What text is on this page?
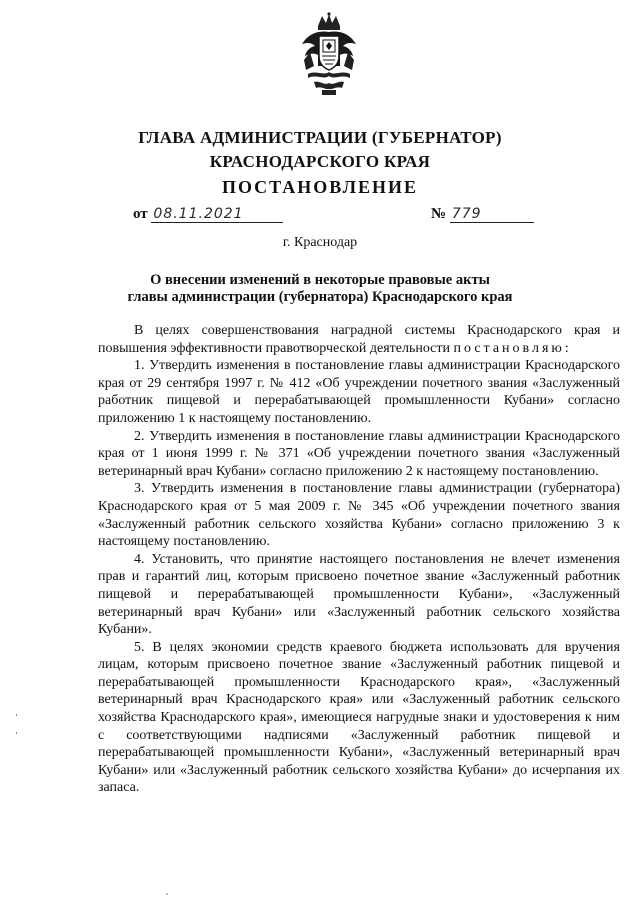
ГЛАВА АДМИНИСТРАЦИИ (ГУБЕРНАТОР)
КРАСНОДАРСКОГО КРАЯ
ПОСТАНОВЛЕНИЕ
от 08.11.2021	№ 779
г. Краснодар
О внесении изменений в некоторые правовые акты
главы администрации (губернатора) Краснодарского края

В целях совершенствования наградной системы Краснодарского края и повышения эффективности правотворческой деятельности постановляю:

1. Утвердить изменения в постановление главы администрации Краснодарского края от 29 сентября 1997 г. № 412 «Об учреждении почетного звания «Заслуженный работник пищевой и перерабатывающей промышленности Кубани» согласно приложению 1 к настоящему постановлению.

2. Утвердить изменения в постановление главы администрации Краснодарского края от 1 июня 1999 г. № 371 «Об учреждении почетного звания «Заслуженный ветеринарный врач Кубани» согласно приложению 2 к настоящему постановлению.

3. Утвердить изменения в постановление главы администрации (губернатора) Краснодарского края от 5 мая 2009 г. № 345 «Об учреждении почетного звания «Заслуженный работник сельского хозяйства Кубани» согласно приложению 3 к настоящему постановлению.

4. Установить, что принятие настоящего постановления не влечет изменения прав и гарантий лиц, которым присвоено почетное звание «Заслуженный работник пищевой и перерабатывающей промышленности Кубани», «Заслуженный ветеринарный врач Кубани» или «Заслуженный работник сельского хозяйства Кубани».

5. В целях экономии средств краевого бюджета использовать для вручения лицам, которым присвоено почетное звание «Заслуженный работник пищевой и перерабатывающей промышленности Краснодарского края», «Заслуженный ветеринарный врач Краснодарского края» или «Заслуженный работник сельского хозяйства Краснодарского края», имеющиеся нагрудные знаки и удостоверения к ним с соответствующими надписями «Заслуженный работник пищевой и перерабатывающей промышленности Кубани», «Заслуженный ветеринарный врач Кубани» или «Заслуженный работник сельского хозяйства Кубани» до исчерпания их запаса.
